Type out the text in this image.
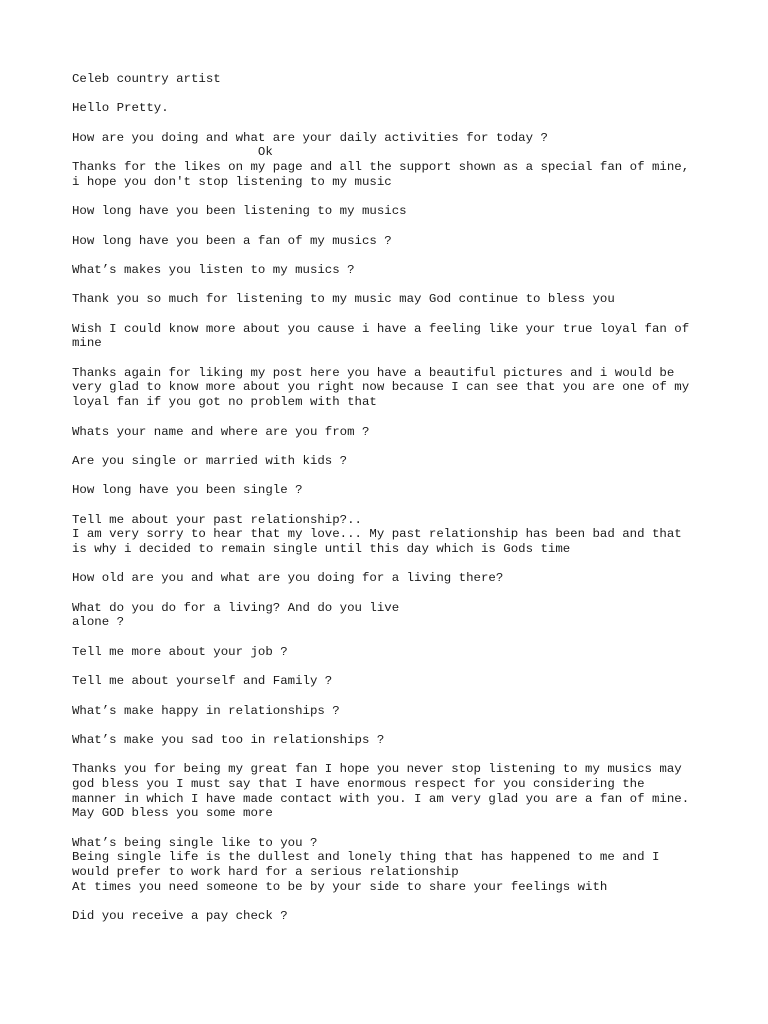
Celeb country artist
Hello Pretty.
How are you doing and what are your daily activities for today ?
Ok
Thanks for the likes on my page and all the support shown as a special fan of mine,
i hope you don't stop listening to my music
How long have you been listening to my musics
How long have you been a fan of my musics ?
What’s makes you listen to my musics ?
Thank you so much for listening to my music may God continue to bless you
Wish I could know more about you cause i have a feeling like your true loyal fan of
mine
Thanks again for liking my post here you have a beautiful pictures and i would be
very glad to know more about you right now because I can see that you are one of my
loyal fan if you got no problem with that
Whats your name and where are you from ?
Are you single or married with kids ?
How long have you been single ?
Tell me about your past relationship?..
I am very sorry to hear that my love... My past relationship has been bad and that
is why i decided to remain single until this day which is Gods time
How old are you and what are you doing for a living there?
What do you do for a living? And do you live
alone ?
Tell me more about your job ?
Tell me about yourself and Family ?
What’s make happy in relationships ?
What’s make you sad too in relationships ?
Thanks you for being my great fan I hope you never stop listening to my musics may
god bless you I must say that I have enormous respect for you considering the
manner in which I have made contact with you. I am very glad you are a fan of mine.
May GOD bless you some more
What’s being single like to you ?
Being single life is the dullest and lonely thing that has happened to me and I
would prefer to work hard for a serious relationship
At times you need someone to be by your side to share your feelings with
Did you receive a pay check ?
